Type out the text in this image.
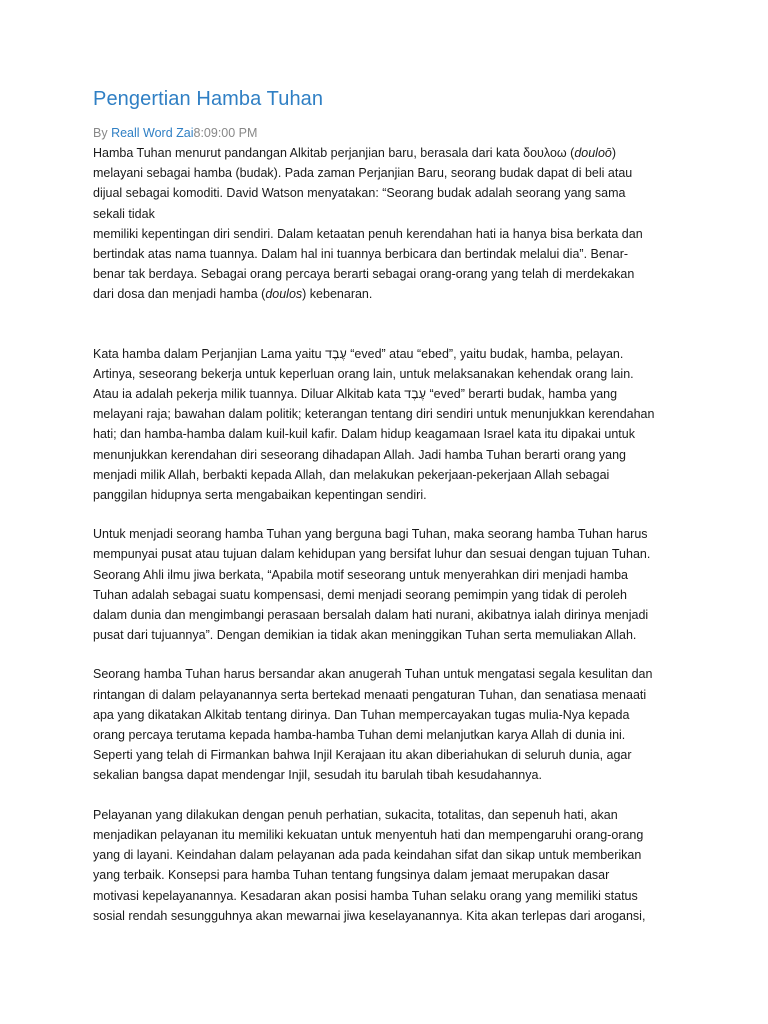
Pengertian Hamba Tuhan
By Reall Word Zai8:09:00 PM
Hamba Tuhan menurut pandangan Alkitab perjanjian baru, berasala dari kata δουλοω (douloō)
melayani sebagai hamba (budak). Pada zaman Perjanjian Baru, seorang budak dapat di beli atau
dijual sebagai komoditi. David Watson menyatakan: “Seorang budak adalah seorang yang sama
sekali tidak
memiliki kepentingan diri sendiri. Dalam ketaatan penuh kerendahan hati ia hanya bisa berkata dan
bertindak atas nama tuannya. Dalam hal ini tuannya berbicara dan bertindak melalui dia”. Benar-
benar tak berdaya. Sebagai orang percaya berarti sebagai orang-orang yang telah di merdekakan
dari dosa dan menjadi hamba (doulos) kebenaran.
Kata hamba dalam Perjanjian Lama yaitu עֶבֶד “eved” atau “ebed”, yaitu budak, hamba, pelayan.
Artinya, seseorang bekerja untuk keperluan orang lain, untuk melaksanakan kehendak orang lain.
Atau ia adalah pekerja milik tuannya. Diluar Alkitab kata עֶבֶד “eved” berarti budak, hamba yang
melayani raja; bawahan dalam politik; keterangan tentang diri sendiri untuk menunjukkan kerendahan
hati; dan hamba-hamba dalam kuil-kuil kafir. Dalam hidup keagamaan Israel kata itu dipakai untuk
menunjukkan kerendahan diri seseorang dihadapan Allah. Jadi hamba Tuhan berarti orang yang
menjadi milik Allah, berbakti kepada Allah, dan melakukan pekerjaan-pekerjaan Allah sebagai
panggilan hidupnya serta mengabaikan kepentingan sendiri.
Untuk menjadi seorang hamba Tuhan yang berguna bagi Tuhan, maka seorang hamba Tuhan harus
mempunyai pusat atau tujuan dalam kehidupan yang bersifat luhur dan sesuai dengan tujuan Tuhan.
Seorang Ahli ilmu jiwa berkata, “Apabila motif seseorang untuk menyerahkan diri menjadi hamba
Tuhan adalah sebagai suatu kompensasi, demi menjadi seorang pemimpin yang tidak di peroleh
dalam dunia dan mengimbangi perasaan bersalah dalam hati nurani, akibatnya ialah dirinya menjadi
pusat dari tujuannya”. Dengan demikian ia tidak akan meninggikan Tuhan serta memuliakan Allah.
Seorang hamba Tuhan harus bersandar akan anugerah Tuhan untuk mengatasi segala kesulitan dan
rintangan di dalam pelayanannya serta bertekad menaati pengaturan Tuhan, dan senatiasa menaati
apa yang dikatakan Alkitab tentang dirinya. Dan Tuhan mempercayakan tugas mulia-Nya kepada
orang percaya terutama kepada hamba-hamba Tuhan demi melanjutkan karya Allah di dunia ini.
Seperti yang telah di Firmankan bahwa Injil Kerajaan itu akan diberiahukan di seluruh dunia, agar
sekalian bangsa dapat mendengar Injil, sesudah itu barulah tibah kesudahannya.
Pelayanan yang dilakukan dengan penuh perhatian, sukacita, totalitas, dan sepenuh hati, akan
menjadikan pelayanan itu memiliki kekuatan untuk menyentuh hati dan mempengaruhi orang-orang
yang di layani. Keindahan dalam pelayanan ada pada keindahan sifat dan sikap untuk memberikan
yang terbaik. Konsepsi para hamba Tuhan tentang fungsinya dalam jemaat merupakan dasar
motivasi kepelayanannya. Kesadaran akan posisi hamba Tuhan selaku orang yang memiliki status
sosial rendah sesungguhnya akan mewarnai jiwa keselayanannya. Kita akan terlepas dari arogansi,
